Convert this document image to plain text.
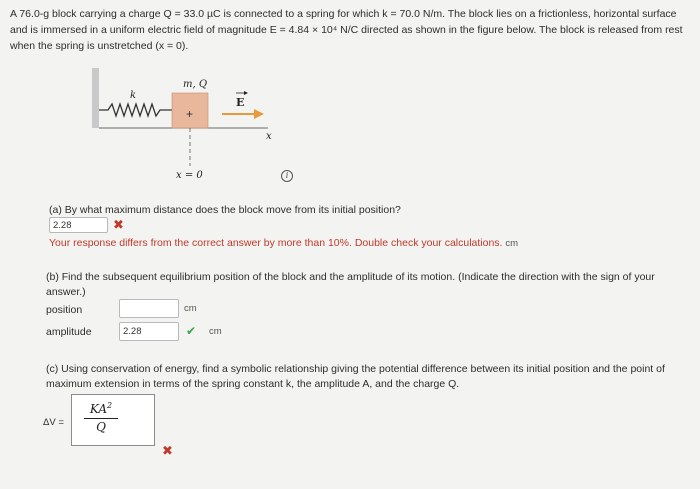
A 76.0-g block carrying a charge Q = 33.0 µC is connected to a spring for which k = 70.0 N/m. The block lies on a frictionless, horizontal surface and is immersed in a uniform electric field of magnitude E = 4.84 × 10⁴ N/C directed as shown in the figure below. The block is released from rest when the spring is unstretched (x = 0).
k
m, Q
+
E
x
x = 0	i
(a) By what maximum distance does the block move from its initial position?
2.28	✖
Your response differs from the correct answer by more than 10%. Double check your calculations. cm
(b) Find the subsequent equilibrium position of the block and the amplitude of its motion. (Indicate the direction with the sign of your answer.)
position	cm
amplitude	2.28	✔ cm
(c) Using conservation of energy, find a symbolic relationship giving the potential difference between its initial position and the point of maximum extension in terms of the spring constant k, the amplitude A, and the charge Q.
ΔV =
$KA^2$
Q
✖
